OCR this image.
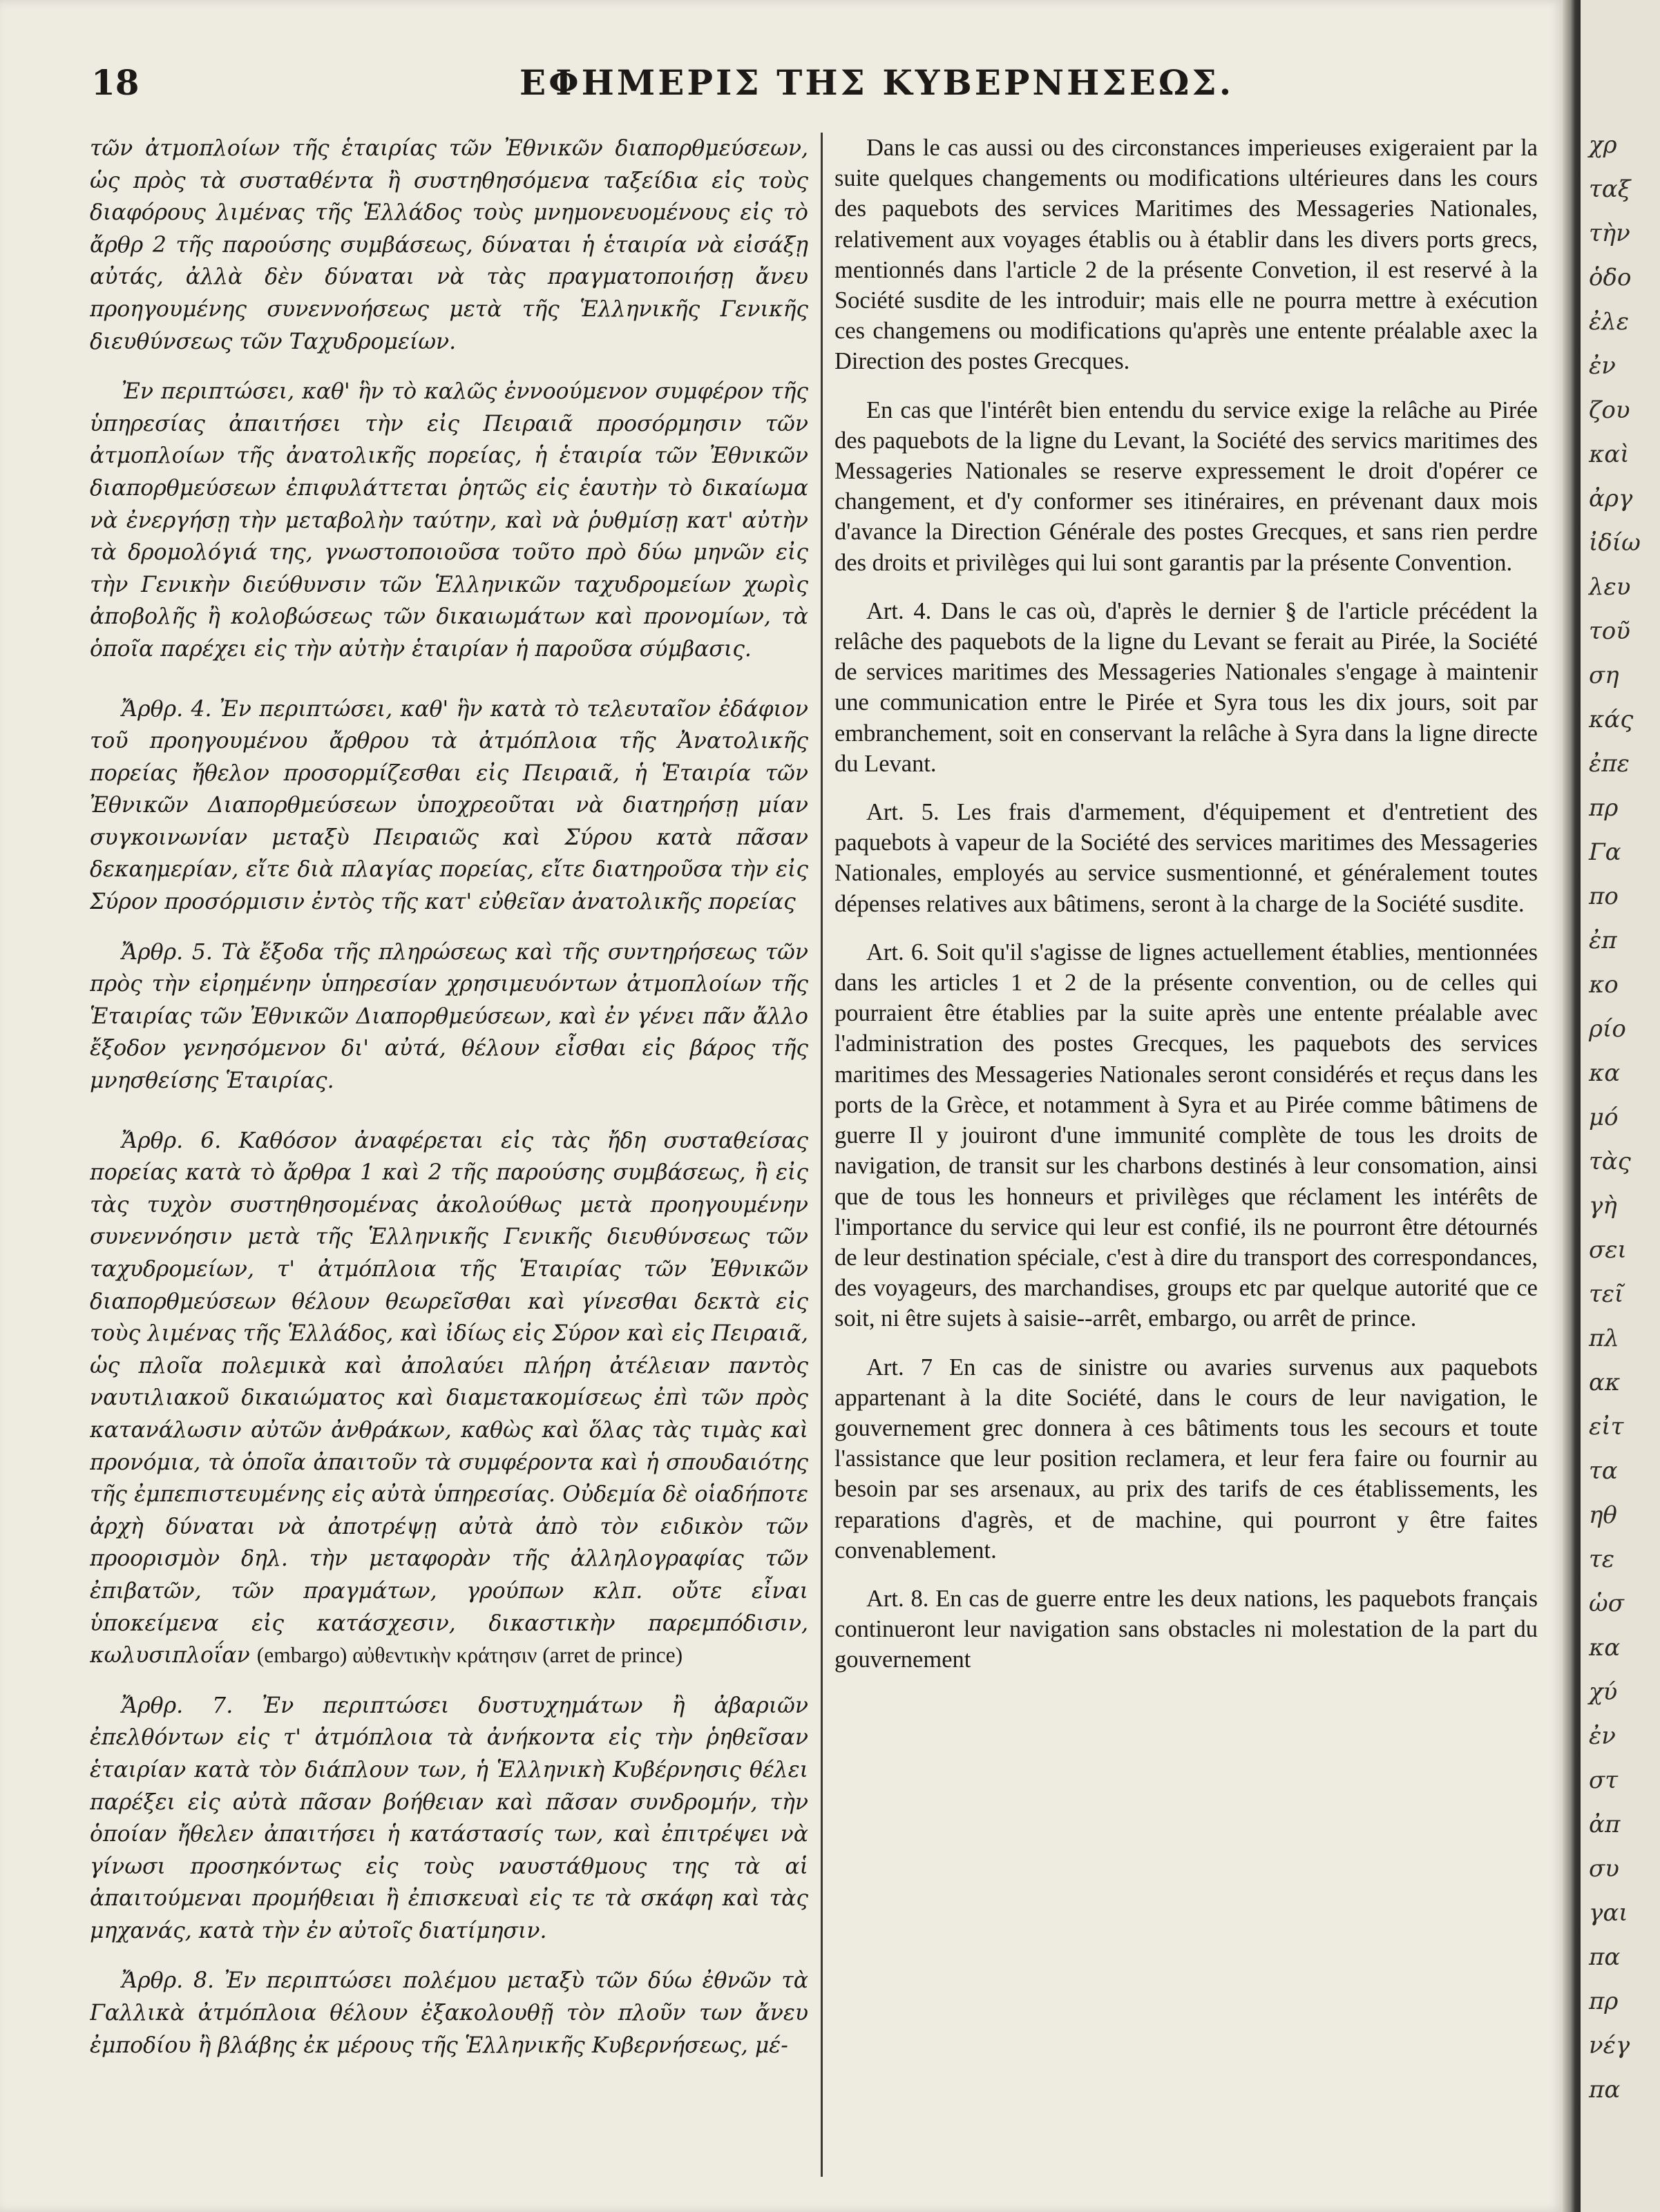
18	ΕΦΗΜΕΡΙΣ ΤΗΣ ΚΥΒΕΡΝΗΣΕΩΣ.

τῶν ἀτμοπλοίων τῆς ἑταιρίας τῶν Ἐθνικῶν διαπορθμεύσεων, ὡς πρὸς τὰ συσταθέντα ἢ συστηθησόμενα ταξείδια εἰς τοὺς διαφόρους λιμένας τῆς Ἑλλάδος τοὺς μνημονευομένους εἰς τὸ ἄρθρ 2 τῆς παρούσης συμβάσεως, δύναται ἡ ἑταιρία νὰ εἰσάξῃ αὐτάς, ἀλλὰ δὲν δύναται νὰ τὰς πραγματοποιήσῃ ἄνευ προηγουμένης συνεννοήσεως μετὰ τῆς Ἑλληνικῆς Γενικῆς διευθύνσεως τῶν Ταχυδρομείων.

Ἐν περιπτώσει, καθ' ἣν τὸ καλῶς ἐννοούμενον συμφέρον τῆς ὑπηρεσίας ἀπαιτήσει τὴν εἰς Πειραιᾶ προσόρμησιν τῶν ἀτμοπλοίων τῆς ἀνατολικῆς πορείας, ἡ ἑταιρία τῶν Ἐθνικῶν διαπορθμεύσεων ἐπιφυλάττεται ῥητῶς εἰς ἑαυτὴν τὸ δικαίωμα νὰ ἐνεργήσῃ τὴν μεταβολὴν ταύτην, καὶ νὰ ῥυθμίσῃ κατ' αὐτὴν τὰ δρομολόγιά της, γνωστοποιοῦσα τοῦτο πρὸ δύω μηνῶν εἰς τὴν Γενικὴν διεύθυνσιν τῶν Ἑλληνικῶν ταχυδρομείων χωρὶς ἀποβολῆς ἢ κολοβώσεως τῶν δικαιωμάτων καὶ προνομίων, τὰ ὁποῖα παρέχει εἰς τὴν αὐτὴν ἑταιρίαν ἡ παροῦσα σύμβασις.

Ἄρθρ. 4. Ἐν περιπτώσει, καθ' ἣν κατὰ τὸ τελευταῖον ἐδάφιον τοῦ προηγουμένου ἄρθρου τὰ ἀτμόπλοια τῆς Ἀνατολικῆς πορείας ἤθελον προσορμίζεσθαι εἰς Πειραιᾶ, ἡ Ἑταιρία τῶν Ἐθνικῶν Διαπορθμεύσεων ὑποχρεοῦται νὰ διατηρήσῃ μίαν συγκοινωνίαν μεταξὺ Πειραιῶς καὶ Σύρου κατὰ πᾶσαν δεκαημερίαν, εἴτε διὰ πλαγίας πορείας, εἴτε διατηροῦσα τὴν εἰς Σύρον προσόρμισιν ἐντὸς τῆς κατ' εὐθεῖαν ἀνατολικῆς πορείας

Ἄρθρ. 5. Τὰ ἔξοδα τῆς πληρώσεως καὶ τῆς συντηρήσεως τῶν πρὸς τὴν εἰρημένην ὑπηρεσίαν χρησιμευόντων ἀτμοπλοίων τῆς Ἑταιρίας τῶν Ἐθνικῶν Διαπορθμεύσεων, καὶ ἐν γένει πᾶν ἄλλο ἔξοδον γενησόμενον δι' αὐτά, θέλουν εἶσθαι εἰς βάρος τῆς μνησθείσης Ἑταιρίας.

Ἄρθρ. 6. Καθόσον ἀναφέρεται εἰς τὰς ἤδη συσταθείσας πορείας κατὰ τὸ ἄρθρα 1 καὶ 2 τῆς παρούσης συμβάσεως, ἢ εἰς τὰς τυχὸν συστηθησομένας ἀκολούθως μετὰ προηγουμένην συνεννόησιν μετὰ τῆς Ἑλληνικῆς Γενικῆς διευθύνσεως τῶν ταχυδρομείων, τ' ἀτμόπλοια τῆς Ἑταιρίας τῶν Ἐθνικῶν διαπορθμεύσεων θέλουν θεωρεῖσθαι καὶ γίνεσθαι δεκτὰ εἰς τοὺς λιμένας τῆς Ἑλλάδος, καὶ ἰδίως εἰς Σύρον καὶ εἰς Πειραιᾶ, ὡς πλοῖα πολεμικὰ καὶ ἀπολαύει πλήρη ἀτέλειαν παντὸς ναυτιλιακοῦ δικαιώματος καὶ διαμετακομίσεως ἐπὶ τῶν πρὸς κατανάλωσιν αὐτῶν ἀνθράκων, καθὼς καὶ ὅλας τὰς τιμὰς καὶ προνόμια, τὰ ὁποῖα ἀπαιτοῦν τὰ συμφέροντα καὶ ἡ σπουδαιότης τῆς ἐμπεπιστευμένης εἰς αὐτὰ ὑπηρεσίας. Οὐδεμία δὲ οἱαδήποτε ἀρχὴ δύναται νὰ ἀποτρέψῃ αὐτὰ ἀπὸ τὸν ειδικὸν τῶν προορισμὸν δηλ. τὴν μεταφορὰν τῆς ἀλληλογραφίας τῶν ἐπιβατῶν, τῶν πραγμάτων, γρούπων κλπ. οὔτε εἶναι ὑποκείμενα εἰς κατάσχεσιν, δικαστικὴν παρεμπόδισιν, κωλυσιπλοΐαν (embargo) αὐθεντικὴν κράτησιν (arret de prince)

Ἄρθρ. 7. Ἐν περιπτώσει δυστυχημάτων ἢ ἀβαριῶν ἐπελθόντων εἰς τ' ἀτμόπλοια τὰ ἀνήκοντα εἰς τὴν ῥηθεῖσαν ἑταιρίαν κατὰ τὸν διάπλουν των, ἡ Ἑλληνικὴ Κυβέρνησις θέλει παρέξει εἰς αὐτὰ πᾶσαν βοήθειαν καὶ πᾶσαν συνδρομήν, τὴν ὁποίαν ἤθελεν ἀπαιτήσει ἡ κατάστασίς των, καὶ ἐπιτρέψει νὰ γίνωσι προσηκόντως εἰς τοὺς ναυστάθμους της τὰ αἱ ἀπαιτούμεναι προμήθειαι ἢ ἐπισκευαὶ εἰς τε τὰ σκάφη καὶ τὰς μηχανάς, κατὰ τὴν ἐν αὐτοῖς διατίμησιν.

Ἄρθρ. 8. Ἐν περιπτώσει πολέμου μεταξὺ τῶν δύω ἐθνῶν τὰ Γαλλικὰ ἀτμόπλοια θέλουν ἐξακολουθῇ τὸν πλοῦν των ἄνευ ἐμποδίου ἢ βλάβης ἐκ μέρους τῆς Ἑλληνικῆς Κυβερνήσεως, μέ-

Dans le cas aussi ou des circonstances imperieuses exigeraient par la suite quelques changements ou modifications ultérieures dans les cours des paquebots des services Maritimes des Messageries Nationales, relativement aux voyages établis ou à établir dans les divers ports grecs, mentionnés dans l'article 2 de la présente Convetion, il est reservé à la Société susdite de les introduir; mais elle ne pourra mettre à exécution ces changemens ou modifications qu'après une entente préalable axec la Direction des postes Grecques.

En cas que l'intérêt bien entendu du service exige la relâche au Pirée des paquebots de la ligne du Levant, la Société des servics maritimes des Messageries Nationales se reserve expressement le droit d'opérer ce changement, et d'y conformer ses itinéraires, en prévenant daux mois d'avance la Direction Générale des postes Grecques, et sans rien perdre des droits et privilèges qui lui sont garantis par la présente Convention.

Art. 4. Dans le cas où, d'après le dernier § de l'article précédent la relâche des paquebots de la ligne du Levant se ferait au Pirée, la Société de services maritimes des Messageries Nationales s'engage à maintenir une communication entre le Pirée et Syra tous les dix jours, soit par embranchement, soit en conservant la relâche à Syra dans la ligne directe du Levant.

Art. 5. Les frais d'armement, d'équipement et d'entretient des paquebots à vapeur de la Société des services maritimes des Messageries Nationales, employés au service susmentionné, et généralement toutes dépenses relatives aux bâtimens, seront à la charge de la Société susdite.

Art. 6. Soit qu'il s'agisse de lignes actuellement établies, mentionnées dans les articles 1 et 2 de la présente convention, ou de celles qui pourraient être établies par la suite après une entente préalable avec l'administration des postes Grecques, les paquebots des services maritimes des Messageries Nationales seront considérés et reçus dans les ports de la Grèce, et notamment à Syra et au Pirée comme bâtimens de guerre Il y jouiront d'une immunité complète de tous les droits de navigation, de transit sur les charbons destinés à leur consomation, ainsi que de tous les honneurs et privilèges que réclament les intérêts de l'importance du service qui leur est confié, ils ne pourront être détournés de leur destination spéciale, c'est à dire du transport des correspondances, des voyageurs, des marchandises, groups etc par quelque autorité que ce soit, ni être sujets à saisie--arrêt, embargo, ou arrêt de prince.

Art. 7 En cas de sinistre ou avaries survenus aux paquebots appartenant à la dite Société, dans le cours de leur navigation, le gouvernement grec donnera à ces bâtiments tous les secours et toute l'assistance que leur position reclamera, et leur fera faire ou fournir au besoin par ses arsenaux, au prix des tarifs de ces établissements, les reparations d'agrès, et de machine, qui pourront y être faites convenablement.

Art. 8. En cas de guerre entre les deux nations, les paquebots français continueront leur navigation sans obstacles ni molestation de la part du gouvernement

χρ
ταξ
τὴν
ὁδο
ἐλε
ἐν
ζου
καὶ
ἀργ
ἰδίω
λευ
τοῦ
ση
κάς
ἐπε
πρ
Γα
πο
ἐπ
κο
ρίο
κα
μό
τὰς
γὴ
σει
τεῖ
πλ
ακ
εἰτ
τα
ηθ
τε
ὡσ
κα
χύ
ἐν
στ
ἀπ
συ
γαι
πα
πρ
νέγ
πα
